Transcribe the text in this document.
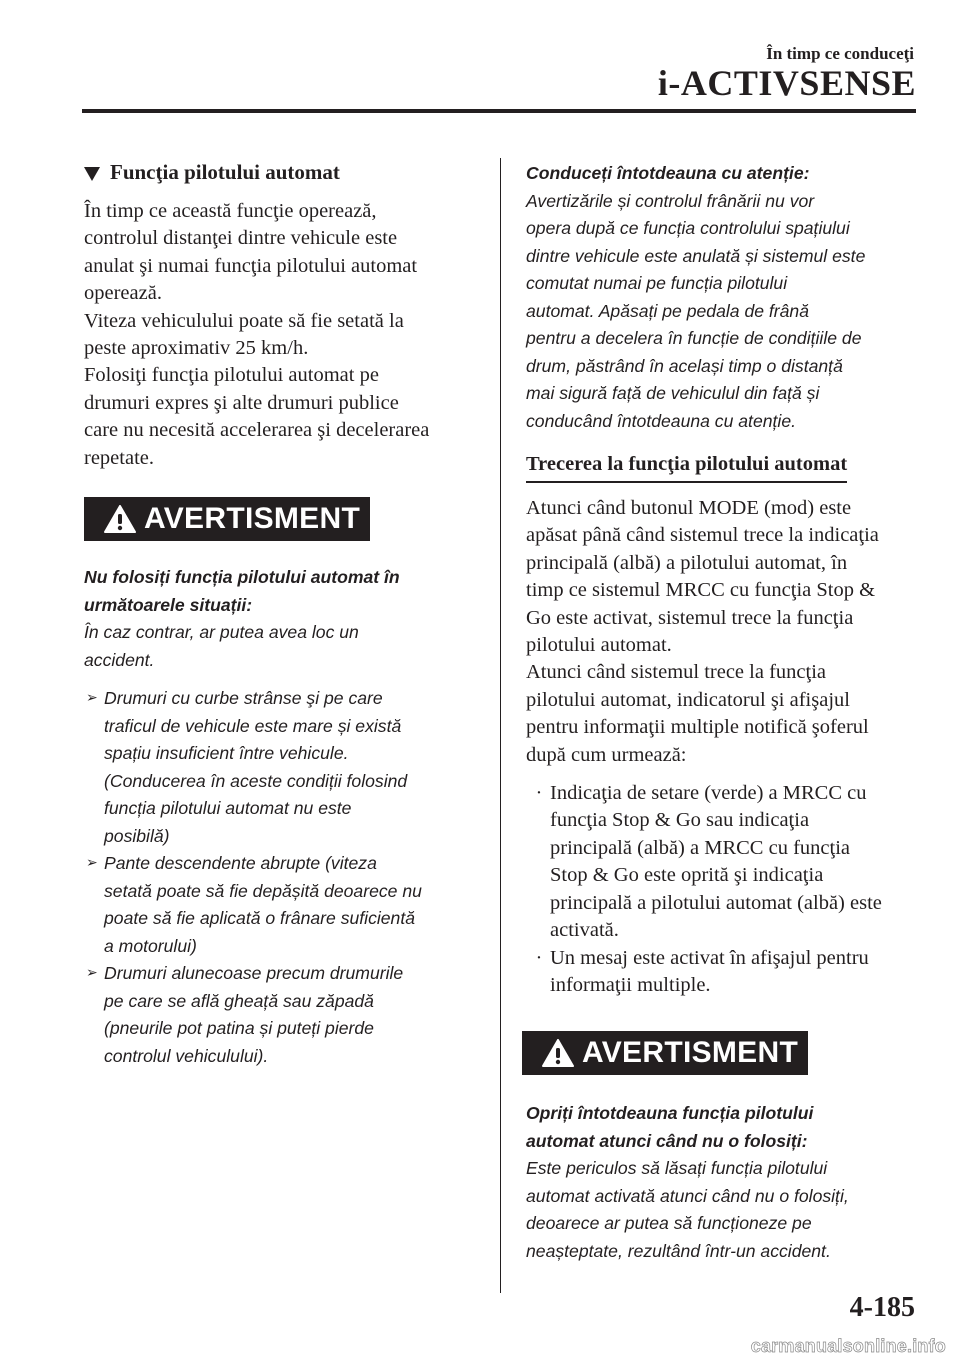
În timp ce conduceţi
i-ACTIVSENSE
Funcţia pilotului automat

În timp ce această funcţie operează,
controlul distanţei dintre vehicule este
anulat şi numai funcţia pilotului automat
operează.
Viteza vehiculului poate să fie setată la
peste aproximativ 25 km/h.
Folosiţi funcţia pilotului automat pe
drumuri expres şi alte drumuri publice
care nu necesită accelerarea şi decelerarea
repetate.

AVERTISMENT

Nu folosiți funcția pilotului automat în
următoarele situații:

În caz contrar, ar putea avea loc un
accident.

➢ Drumuri cu curbe strânse şi pe care
traficul de vehicule este mare și există
spațiu insuficient între vehicule.
(Conducerea în aceste condiții folosind
funcția pilotului automat nu este
posibilă)
➢ Pante descendente abrupte (viteza
setată poate să fie depășită deoarece nu
poate să fie aplicată o frânare suficientă
a motorului)
➢ Drumuri alunecoase precum drumurile
pe care se află gheață sau zăpadă
(pneurile pot patina și puteți pierde
controlul vehiculului).

Conduceți întotdeauna cu atenție:

Avertizările și controlul frânării nu vor
opera după ce funcția controlului spațiului
dintre vehicule este anulată și sistemul este
comutat numai pe funcția pilotului
automat. Apăsați pe pedala de frână
pentru a decelera în funcție de condițiile de
drum, păstrând în același timp o distanță
mai sigură față de vehiculul din față și
conducând întotdeauna cu atenție.

Trecerea la funcţia pilotului automat

Atunci când butonul MODE (mod) este
apăsat până când sistemul trece la indicaţia
principală (albă) a pilotului automat, în
timp ce sistemul MRCC cu funcţia Stop &
Go este activat, sistemul trece la funcţia
pilotului automat.
Atunci când sistemul trece la funcţia
pilotului automat, indicatorul şi afişajul
pentru informaţii multiple notifică şoferul
după cum urmează:

· Indicaţia de setare (verde) a MRCC cu
funcţia Stop & Go sau indicaţia
principală (albă) a MRCC cu funcţia
Stop & Go este oprită şi indicaţia
principală a pilotului automat (albă) este
activată.
· Un mesaj este activat în afişajul pentru
informaţii multiple.
AVERTISMENT

Opriți întotdeauna funcția pilotului
automat atunci când nu o folosiți:

Este periculos să lăsați funcția pilotului
automat activată atunci când nu o folosiți,
deoarece ar putea să funcționeze pe
neașteptate, rezultând într-un accident.

4-185
carmanualsonline.info
